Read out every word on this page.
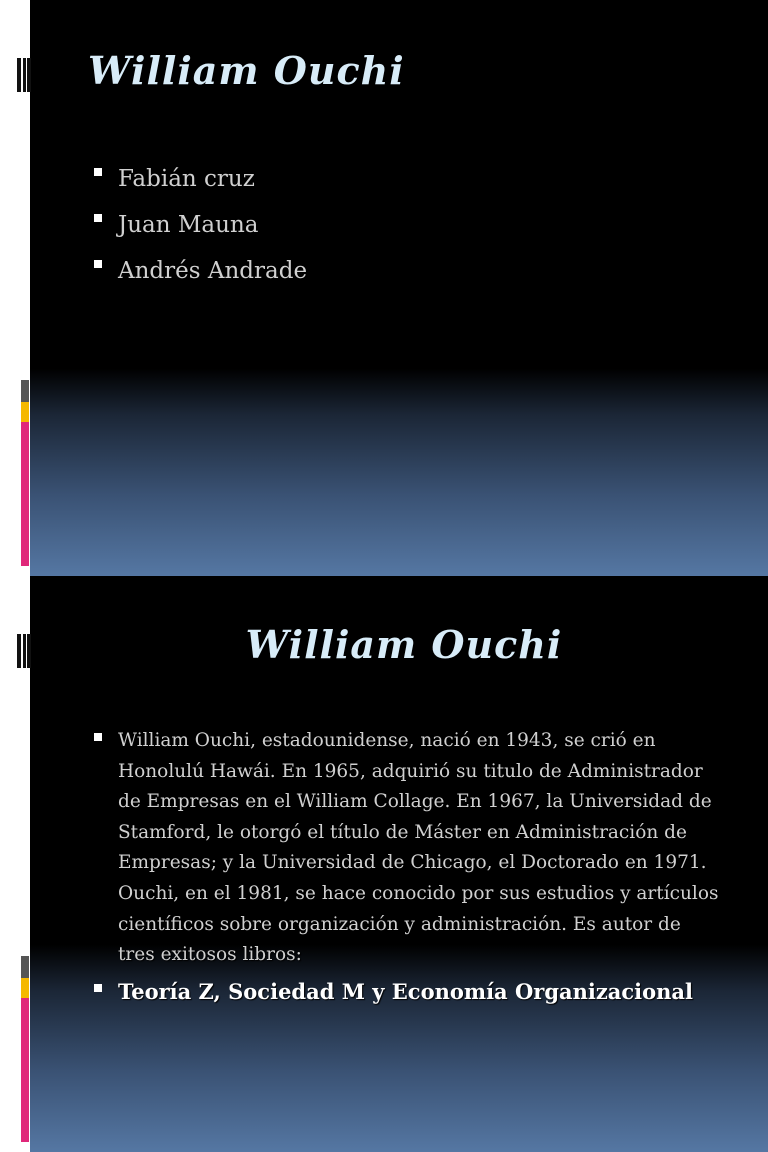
William Ouchi
Fabián cruz
Juan Mauna
Andrés Andrade
William Ouchi
William Ouchi, estadounidense, nació en 1943, se crió en Honolulú Hawái. En 1965, adquirió su titulo de Administrador de Empresas en el William Collage. En 1967, la Universidad de Stamford, le otorgó el título de Máster en Administración de Empresas; y la Universidad de Chicago, el Doctorado en 1971. Ouchi, en el 1981, se hace conocido por sus estudios y artículos científicos sobre organización y administración. Es autor de tres exitosos libros:
Teoría Z, Sociedad M y Economía Organizacional
